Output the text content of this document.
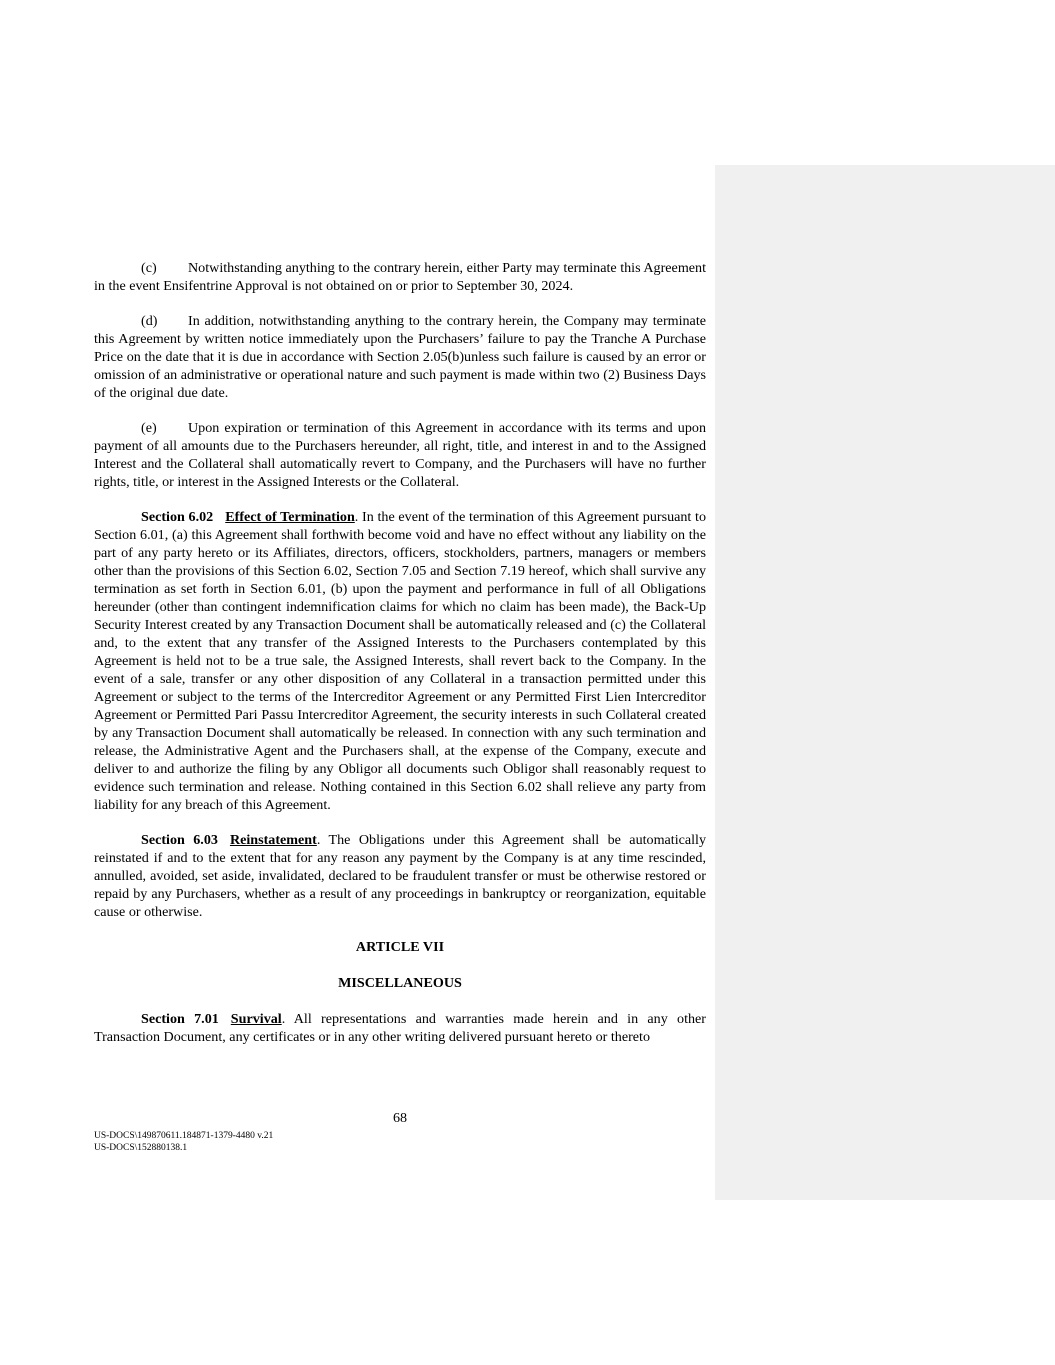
(c) Notwithstanding anything to the contrary herein, either Party may terminate this Agreement in the event Ensifentrine Approval is not obtained on or prior to September 30, 2024.

(d) In addition, notwithstanding anything to the contrary herein, the Company may terminate this Agreement by written notice immediately upon the Purchasers’ failure to pay the Tranche A Purchase Price on the date that it is due in accordance with Section 2.05(b)unless such failure is caused by an error or omission of an administrative or operational nature and such payment is made within two (2) Business Days of the original due date.

(e) Upon expiration or termination of this Agreement in accordance with its terms and upon payment of all amounts due to the Purchasers hereunder, all right, title, and interest in and to the Assigned Interest and the Collateral shall automatically revert to Company, and the Purchasers will have no further rights, title, or interest in the Assigned Interests or the Collateral.

Section 6.02 Effect of Termination. In the event of the termination of this Agreement pursuant to Section 6.01, (a) this Agreement shall forthwith become void and have no effect without any liability on the part of any party hereto or its Affiliates, directors, officers, stockholders, partners, managers or members other than the provisions of this Section 6.02, Section 7.05 and Section 7.19 hereof, which shall survive any termination as set forth in Section 6.01, (b) upon the payment and performance in full of all Obligations hereunder (other than contingent indemnification claims for which no claim has been made), the Back-Up Security Interest created by any Transaction Document shall be automatically released and (c) the Collateral and, to the extent that any transfer of the Assigned Interests to the Purchasers contemplated by this Agreement is held not to be a true sale, the Assigned Interests, shall revert back to the Company. In the event of a sale, transfer or any other disposition of any Collateral in a transaction permitted under this Agreement or subject to the terms of the Intercreditor Agreement or any Permitted First Lien Intercreditor Agreement or Permitted Pari Passu Intercreditor Agreement, the security interests in such Collateral created by any Transaction Document shall automatically be released. In connection with any such termination and release, the Administrative Agent and the Purchasers shall, at the expense of the Company, execute and deliver to and authorize the filing by any Obligor all documents such Obligor shall reasonably request to evidence such termination and release. Nothing contained in this Section 6.02 shall relieve any party from liability for any breach of this Agreement.

Section 6.03 Reinstatement. The Obligations under this Agreement shall be automatically reinstated if and to the extent that for any reason any payment by the Company is at any time rescinded, annulled, avoided, set aside, invalidated, declared to be fraudulent transfer or must be otherwise restored or repaid by any Purchasers, whether as a result of any proceedings in bankruptcy or reorganization, equitable cause or otherwise.

ARTICLE VII

MISCELLANEOUS

Section 7.01 Survival. All representations and warranties made herein and in any other Transaction Document, any certificates or in any other writing delivered pursuant hereto or thereto

68
US-DOCS\149870611.184871-1379-4480 v.21
US-DOCS\152880138.1
